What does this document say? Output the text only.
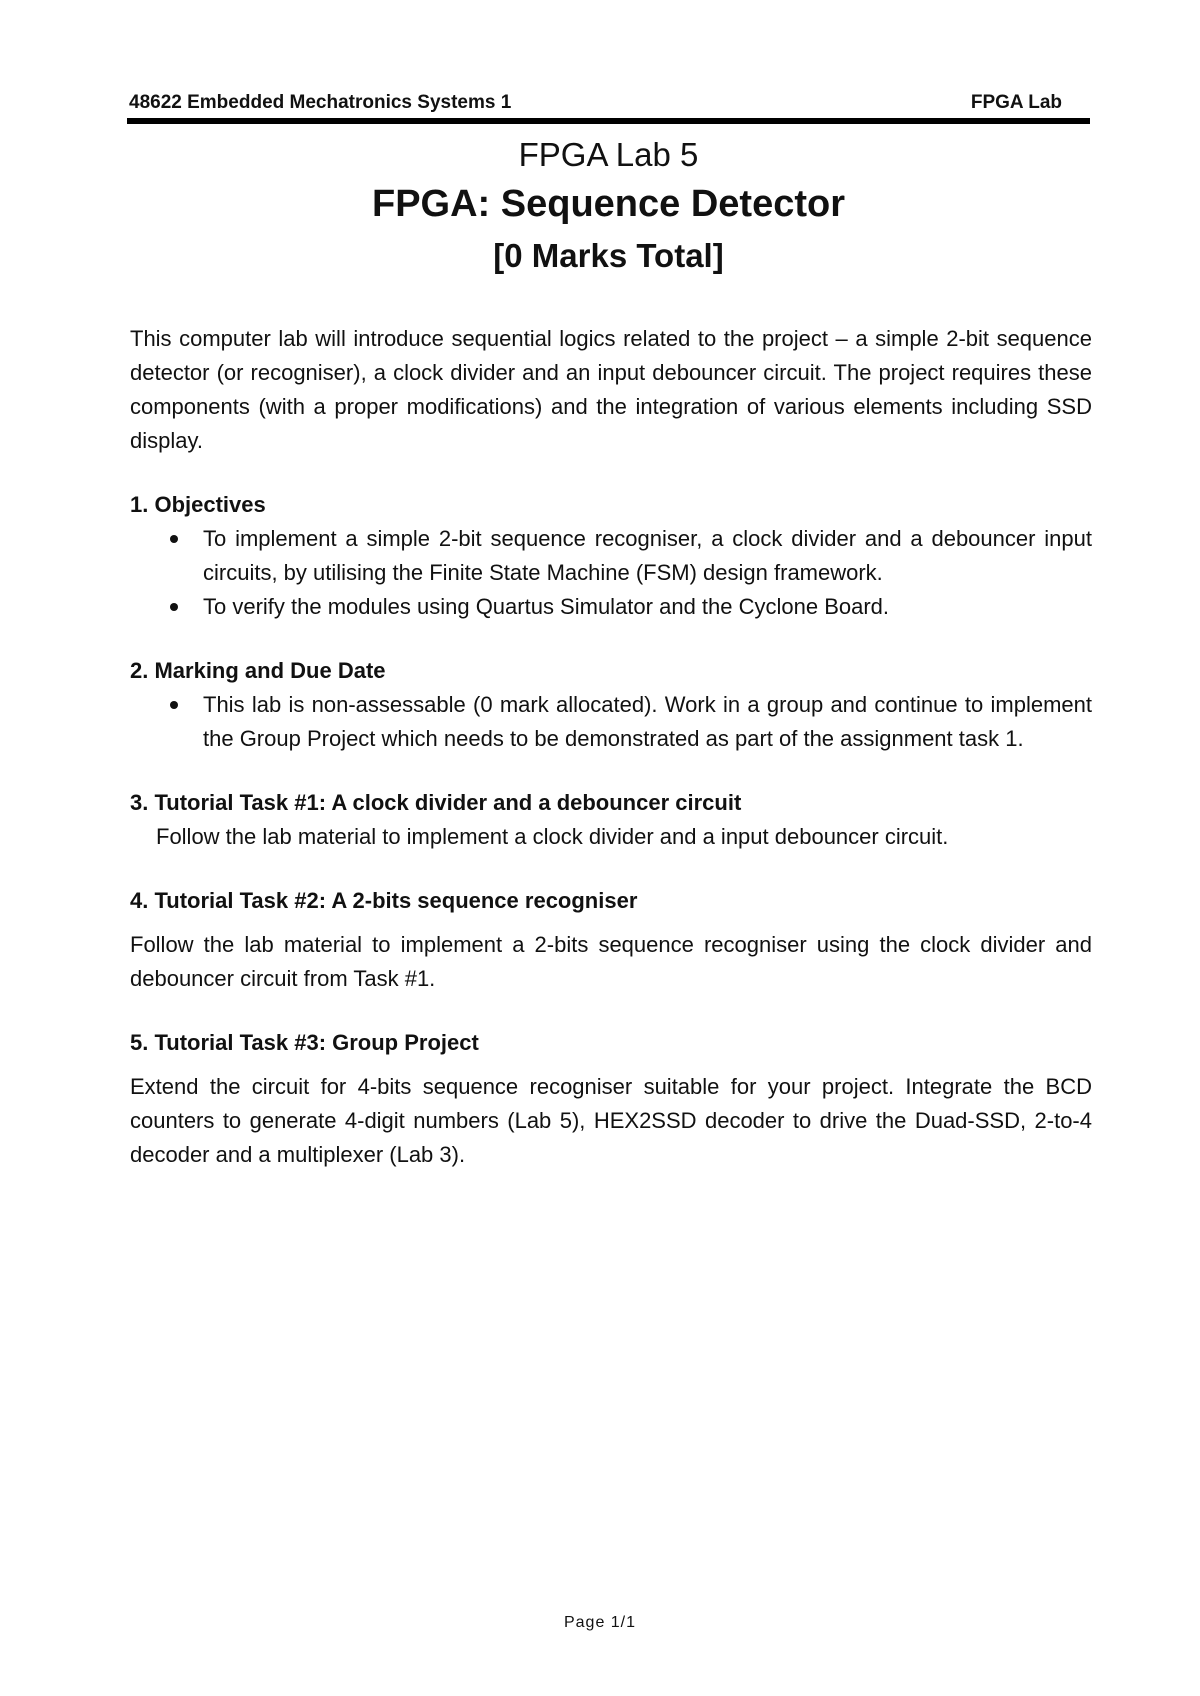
48622 Embedded Mechatronics Systems 1	FPGA Lab
FPGA Lab 5
FPGA: Sequence Detector
[0 Marks Total]

This computer lab will introduce sequential logics related to the project – a simple 2-bit sequence detector (or recogniser), a clock divider and an input debouncer circuit. The project requires these components (with a proper modifications) and the integration of various elements including SSD display.

1. Objectives
To implement a simple 2-bit sequence recogniser, a clock divider and a debouncer input circuits, by utilising the Finite State Machine (FSM) design framework.
To verify the modules using Quartus Simulator and the Cyclone Board.
2. Marking and Due Date
This lab is non-assessable (0 mark allocated). Work in a group and continue to implement the Group Project which needs to be demonstrated as part of the assignment task 1.
3. Tutorial Task #1: A clock divider and a debouncer circuit

Follow the lab material to implement a clock divider and a input debouncer circuit.

4. Tutorial Task #2: A 2-bits sequence recogniser

Follow the lab material to implement a 2-bits sequence recogniser using the clock divider and debouncer circuit from Task #1.

5. Tutorial Task #3: Group Project

Extend the circuit for 4-bits sequence recogniser suitable for your project. Integrate the BCD counters to generate 4-digit numbers (Lab 5), HEX2SSD decoder to drive the Duad-SSD, 2-to-4 decoder and a multiplexer (Lab 3).

Page 1/1
